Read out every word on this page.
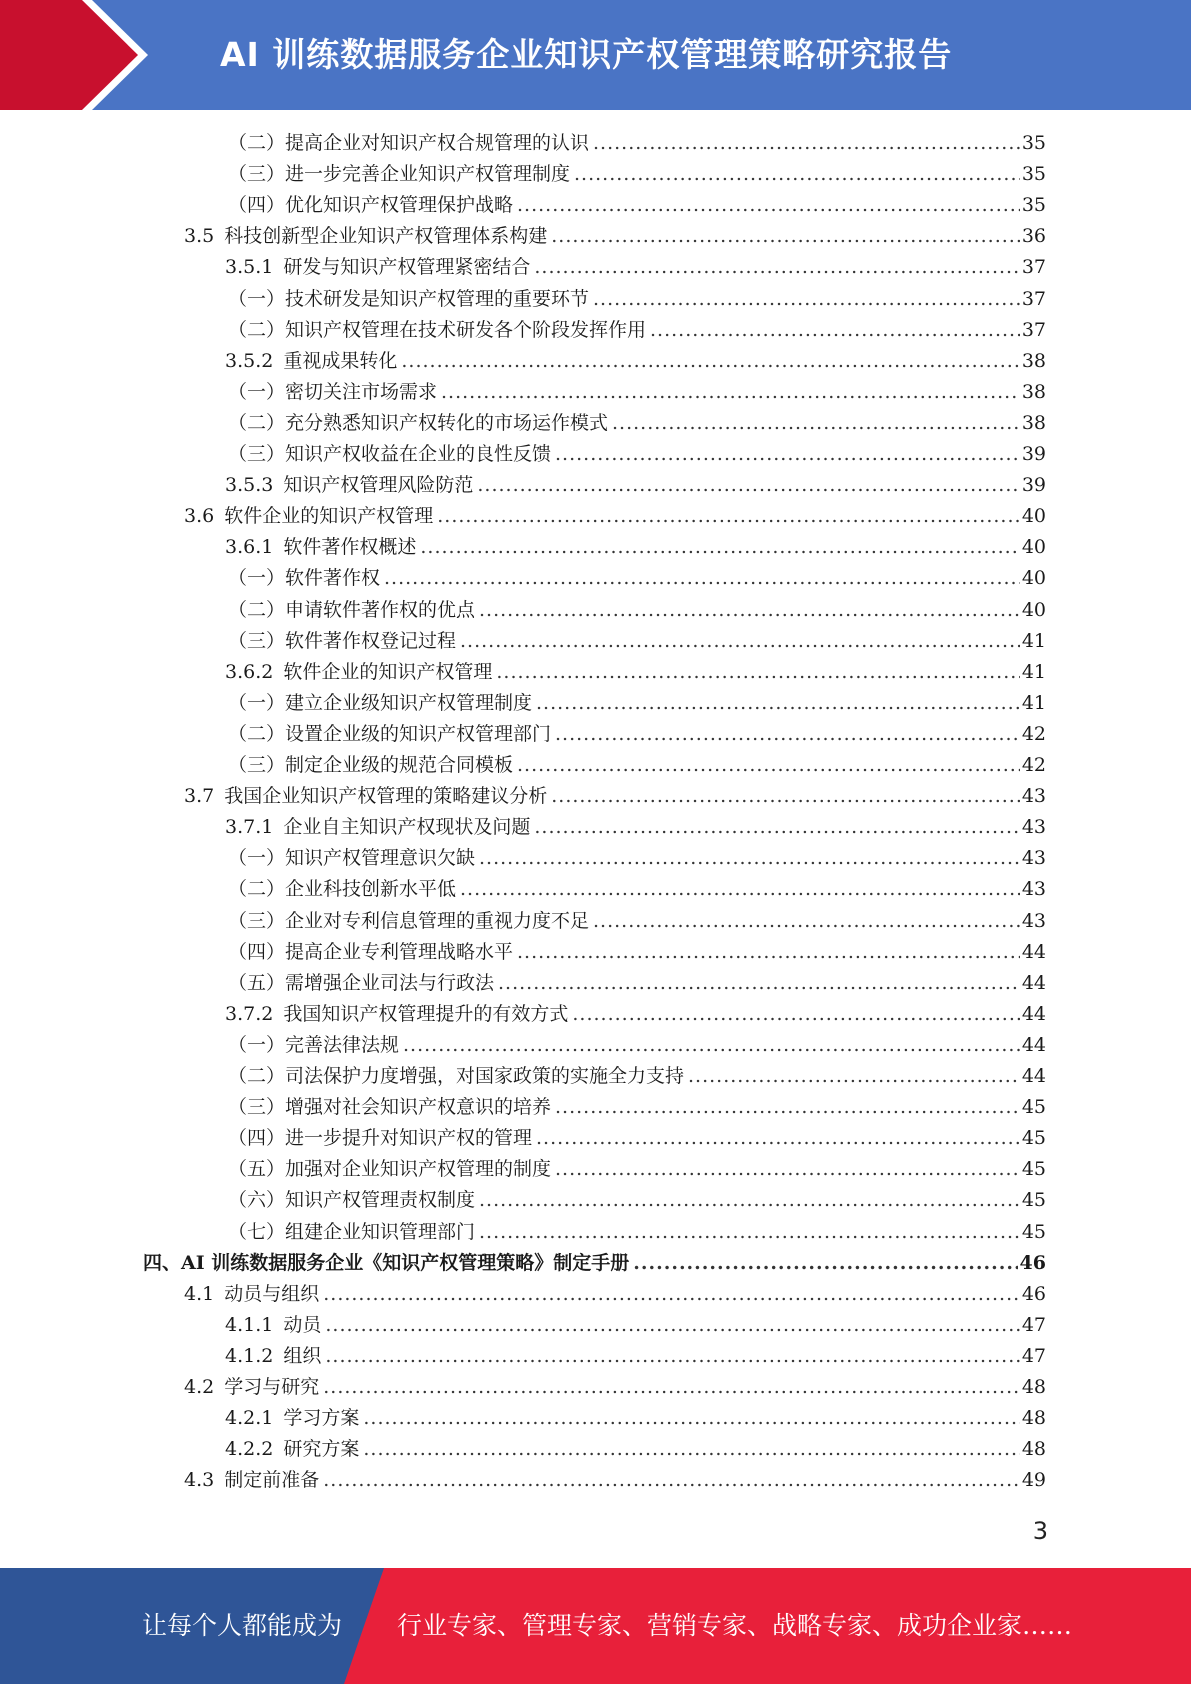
AI 训练数据服务企业知识产权管理策略研究报告
（二）提高企业对知识产权合规管理的认识 .....	35
（三）进一步完善企业知识产权管理制度 .....	35
（四）优化知识产权管理保护战略 .....	35
3.5 科技创新型企业知识产权管理体系构建 .....	36
3.5.1 研发与知识产权管理紧密结合 .....	37
（一）技术研发是知识产权管理的重要环节 .....	37
（二）知识产权管理在技术研发各个阶段发挥作用 .....	37
3.5.2 重视成果转化 .....	38
（一）密切关注市场需求 .....	38
（二）充分熟悉知识产权转化的市场运作模式 .....	38
（三）知识产权收益在企业的良性反馈 .....	39
3.5.3 知识产权管理风险防范 .....	39
3.6 软件企业的知识产权管理 .....	40
3.6.1 软件著作权概述 .....	40
（一）软件著作权 .....	40
（二）申请软件著作权的优点 .....	40
（三）软件著作权登记过程 .....	41
3.6.2 软件企业的知识产权管理 .....	41
（一）建立企业级知识产权管理制度 .....	41
（二）设置企业级的知识产权管理部门 .....	42
（三）制定企业级的规范合同模板 .....	42
3.7 我国企业知识产权管理的策略建议分析 .....	43
3.7.1 企业自主知识产权现状及问题 .....	43
（一）知识产权管理意识欠缺 .....	43
（二）企业科技创新水平低 .....	43
（三）企业对专利信息管理的重视力度不足 .....	43
（四）提高企业专利管理战略水平 .....	44
（五）需增强企业司法与行政法 .....	44
3.7.2 我国知识产权管理提升的有效方式 .....	44
（一）完善法律法规 .....	44
（二）司法保护力度增强，对国家政策的实施全力支持 .....	44
（三）增强对社会知识产权意识的培养 .....	45
（四）进一步提升对知识产权的管理 .....	45
（五）加强对企业知识产权管理的制度 .....	45
（六）知识产权管理责权制度 .....	45
（七）组建企业知识管理部门 .....	45
四、AI 训练数据服务企业《知识产权管理策略》制定手册 .....	46
4.1 动员与组织 .....	46
4.1.1 动员 .....	47
4.1.2 组织 .....	47
4.2 学习与研究 .....	48
4.2.1 学习方案 .....	48
4.2.2 研究方案 .....	48
4.3 制定前准备 .....	49
3
让每个人都能成为 行业专家、管理专家、营销专家、战略专家、成功企业家……
